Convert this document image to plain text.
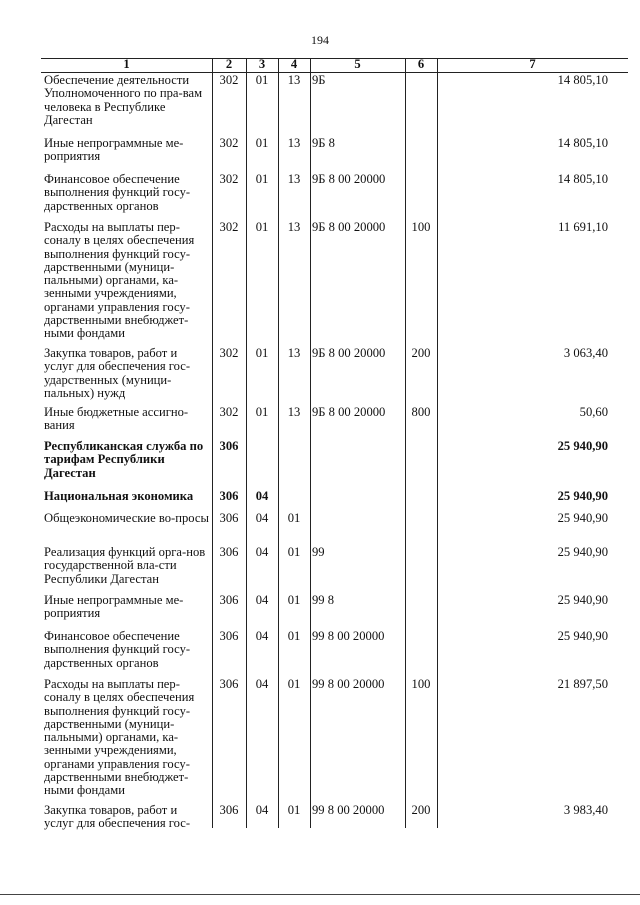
194
1	2	3	4	5	6	7
Обеспечение деятельности Уполномоченного по пра-вам человека в Республике Дагестан	302	01	13	9Б		14 805,10
Иные непрограммные ме-роприятия	302	01	13	9Б 8		14 805,10
Финансовое обеспечение выполнения функций госу-дарственных органов	302	01	13	9Б 8 00 20000		14 805,10
Расходы на выплаты пер-соналу в целях обеспечения выполнения функций госу-дарственными (муници-пальными) органами, ка-зенными учреждениями, органами управления госу-дарственными внебюджет-ными фондами	302	01	13	9Б 8 00 20000	100	11 691,10
Закупка товаров, работ и услуг для обеспечения гос-ударственных (муници-пальных) нужд	302	01	13	9Б 8 00 20000	200	3 063,40
Иные бюджетные ассигно-вания	302	01	13	9Б 8 00 20000	800	50,60
Республиканская служба по тарифам Республики Дагестан	306					25 940,90
Национальная экономика	306	04				25 940,90
Общеэкономические во-просы	306	04	01			25 940,90
Реализация функций орга-нов государственной вла-сти Республики Дагестан	306	04	01	99		25 940,90
Иные непрограммные ме-роприятия	306	04	01	99 8		25 940,90
Финансовое обеспечение выполнения функций госу-дарственных органов	306	04	01	99 8 00 20000		25 940,90
Расходы на выплаты пер-соналу в целях обеспечения выполнения функций госу-дарственными (муници-пальными) органами, ка-зенными учреждениями, органами управления госу-дарственными внебюджет-ными фондами	306	04	01	99 8 00 20000	100	21 897,50
Закупка товаров, работ и услуг для обеспечения гос-	306	04	01	99 8 00 20000	200	3 983,40
